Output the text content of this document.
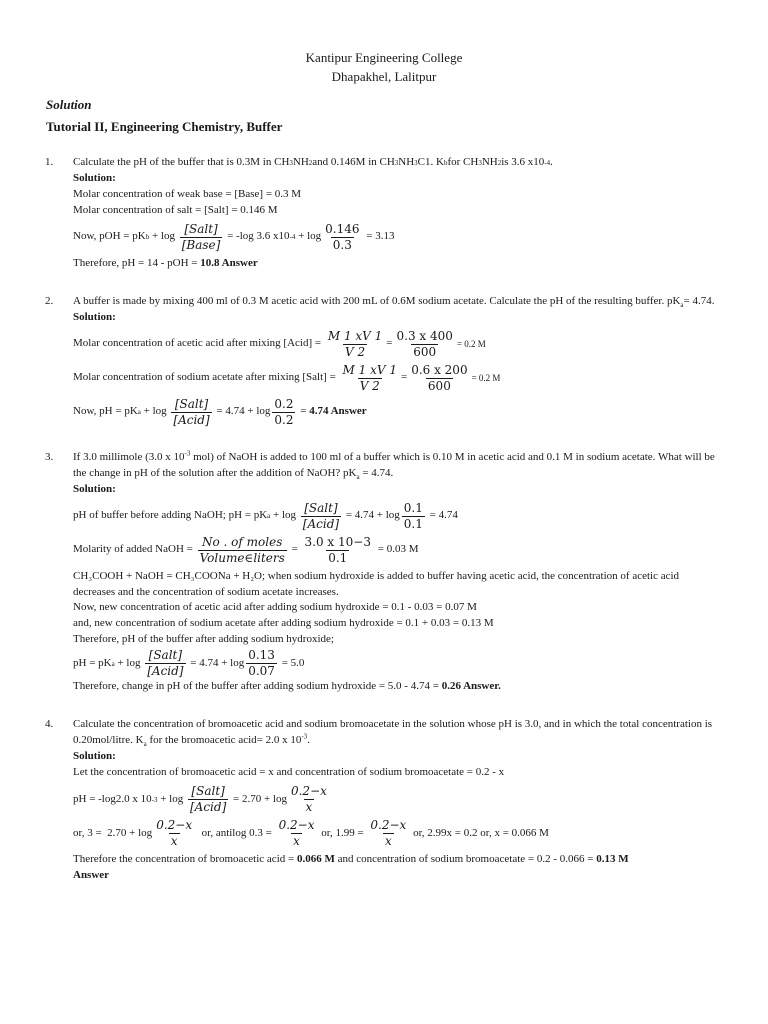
Kantipur Engineering College
Dhapakhel, Lalitpur
Solution
Tutorial II, Engineering Chemistry, Buffer
1. Calculate the pH of the buffer that is 0.3M in CH 3 NH 2 and 0.146M in CH 3 NH 3 C1. K b for CH 3 NH 2 is 3.6 x10 -4 .
Solution:
Molar concentration of weak base = [Base] = 0.3 M
Molar concentration of salt = [Salt] = 0.146 M
Now, pOH = pK $b + \log \frac{\text{[Salt]}}{\text{[Base]}} = -\log$ 3.6 x10 $-4 + \log \frac{0.146}{0.3} = 3.13$
Therefore, pH = 14 - pOH = 10.8 Answer
2. A buffer is made by mixing 400 ml of 0.3 M acetic acid with 200 mL of 0.6M sodium acetate. Calculate the pH of the resulting buffer. $pK_a= 4.74$.
Solution:
Molar concentration of acetic acid after mixing [Acid] = $\frac{M 1 xV 1}{V 2} = \frac{0.3 x 400}{600} = 0.2$ M
Molar concentration of sodium acetate after mixing [Salt] = $\frac{M 1 xV 1}{V 2} = \frac{0.6 x 200}{600} = 0.2$ M
Now, pH = pK $a + \log \frac{\text{[Salt]}}{\text{[Acid]}} = 4.74 + \log \frac{0.2}{0.2} = 4.74$ Answer
3. If 3.0 millimole (3.0 x $10^{-3}$ mol) of NaOH is added to 100 ml of a buffer which is 0.10 M in acetic acid and 0.1 M in sodium acetate. What will be the change in pH of the solution after the addition of NaOH? $pK_a = 4.74$.
Solution:
pH of buffer before adding NaOH; pH = pK $a + \log \frac{\text{[Salt]}}{\text{[Acid]}} = 4.74 + \log \frac{0.1}{0.1} = 4.74$
Molarity of added NaOH = $\frac{\text{No . of moles}}{\text{Volume∈liters}} = \frac{3.0 x 10-3}{0.1} = 0.03$ M
CH₃COOH + NaOH = CH₃COONa + H₂O; when sodium hydroxide is added to buffer having acetic acid, the concentration of acetic acid decreases and the concentration of sodium acetate increases.
Now, new concentration of acetic acid after adding sodium hydroxide = 0.1 - 0.03 = 0.07 M
and, new concentration of sodium acetate after adding sodium hydroxide = 0.1 + 0.03 = 0.13 M
Therefore, pH of the buffer after adding sodium hydroxide;
pH = pK $a + \log \frac{\text{[Salt]}}{\text{[Acid]}} = 4.74 + \log \frac{0.13}{0.07} = 5.0$
Therefore, change in pH of the buffer after adding sodium hydroxide = 5.0 - 4.74 = 0.26 Answer.
4. Calculate the concentration of bromoacetic acid and sodium bromoacetate in the solution whose pH is 3.0, and in which the total concentration is 0.20mol/litre. $K_a$ for the bromoacetic acid= 2.0 x $10^{-3}$.
Solution:
Let the concentration of bromoacetic acid = x and concentration of sodium bromoacetate = 0.2 - x
pH = -log2.0 x 10 $-3 + \log \frac{\text{[Salt]}}{\text{[Acid]}} = 2.70 + \log \frac{0.2-x}{x}$
or, $3 = 2.70 + \log \frac{0.2-x}{x}$ or, antilog $0.3 = \frac{0.2-x}{x}$ or, $1.99 = \frac{0.2-x}{x}$ or, 2.99x = 0.2 or, x = 0.066 M
Therefore the concentration of bromoacetic acid = 0.066 M and concentration of sodium bromoacetate = 0.2 - 0.066 = 0.13 M
Answer
